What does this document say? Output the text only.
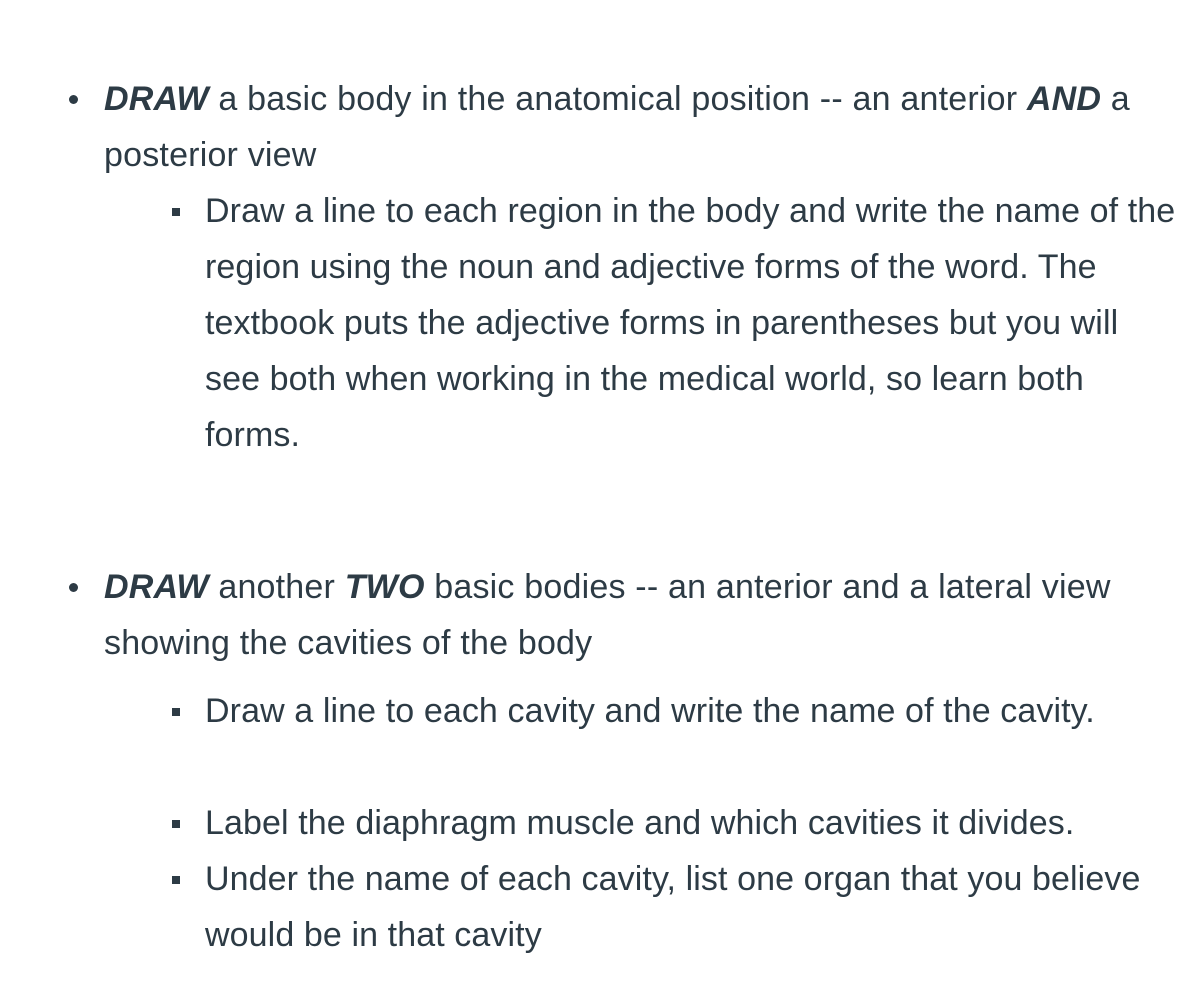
DRAW a basic body in the anatomical position -- an anterior AND a posterior view
Draw a line to each region in the body and write the name of the region using the noun and adjective forms of the word. The textbook puts the adjective forms in parentheses but you will see both when working in the medical world, so learn both forms.
DRAW another TWO basic bodies -- an anterior and a lateral view showing the cavities of the body
Draw a line to each cavity and write the name of the cavity.
Label the diaphragm muscle and which cavities it divides.
Under the name of each cavity, list one organ that you believe would be in that cavity
